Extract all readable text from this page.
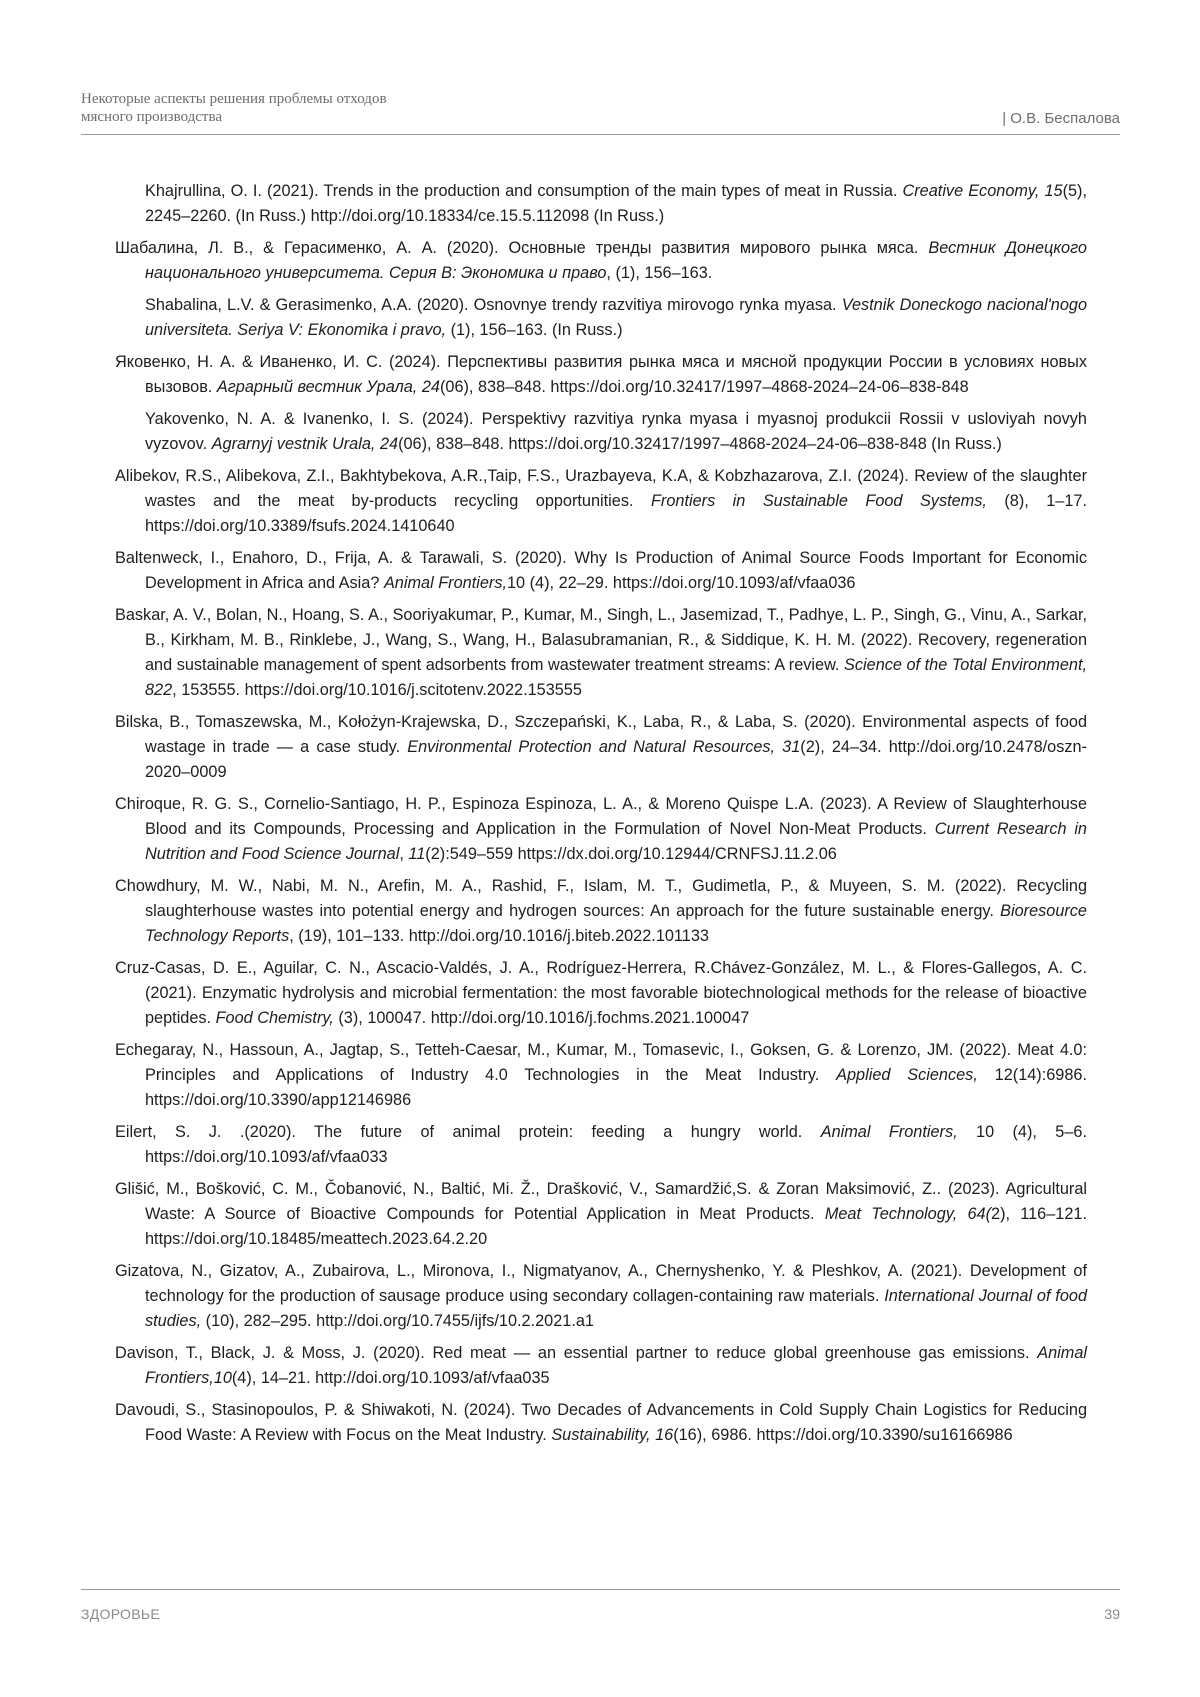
Некоторые аспекты решения проблемы отходов
мясного производства	| О.В. Беспалова
Khajrullina, O. I. (2021). Trends in the production and consumption of the main types of meat in Russia. Creative Economy, 15(5), 2245–2260. (In Russ.) http://doi.org/10.18334/ce.15.5.112098 (In Russ.)
Шабалина, Л. В., & Герасименко, А. А. (2020). Основные тренды развития мирового рынка мяса. Вестник Донецкого национального университета. Серия В: Экономика и право, (1), 156–163.
Shabalina, L.V. & Gerasimenko, A.A. (2020). Osnovnye trendy razvitiya mirovogo rynka myasa. Vestnik Doneckogo nacional'nogo universiteta. Seriya V: Ekonomika i pravo, (1), 156–163. (In Russ.)
Яковенко, Н. А. & Иваненко, И. С. (2024). Перспективы развития рынка мяса и мясной продукции России в условиях новых вызовов. Аграрный вестник Урала, 24(06), 838–848. https://doi.org/10.32417/1997–4868-2024–24-06–838-848
Yakovenko, N. A. & Ivanenko, I. S. (2024). Perspektivy razvitiya rynka myasa i myasnoj produkcii Rossii v usloviyah novyh vyzovov. Agrarnyj vestnik Urala, 24(06), 838–848. https://doi.org/10.32417/1997–4868-2024–24-06–838-848 (In Russ.)
Alibekov, R.S., Alibekova, Z.I., Bakhtybekova, A.R.,Taip, F.S., Urazbayeva, K.A, & Kobzhazarova, Z.I. (2024). Review of the slaughter wastes and the meat by-products recycling opportunities. Frontiers in Sustainable Food Systems, (8), 1–17. https://doi.org/10.3389/fsufs.2024.1410640
Baltenweck, I., Enahoro, D., Frija, A. & Tarawali, S. (2020). Why Is Production of Animal Source Foods Important for Economic Development in Africa and Asia? Animal Frontiers,10 (4), 22–29. https://doi.org/10.1093/af/vfaa036
Baskar, A. V., Bolan, N., Hoang, S. A., Sooriyakumar, P., Kumar, M., Singh, L., Jasemizad, T., Padhye, L. P., Singh, G., Vinu, A., Sarkar, B., Kirkham, M. B., Rinklebe, J., Wang, S., Wang, H., Balasubramanian, R., & Siddique, K. H. M. (2022). Recovery, regeneration and sustainable management of spent adsorbents from wastewater treatment streams: A review. Science of the Total Environment, 822, 153555. https://doi.org/10.1016/j.scitotenv.2022.153555
Bilska, B., Tomaszewska, M., Kołożyn-Krajewska, D., Szczepański, K., Laba, R., & Laba, S. (2020). Environmental aspects of food wastage in trade — a case study. Environmental Protection and Natural Resources, 31(2), 24–34. http://doi.org/10.2478/oszn-2020–0009
Chiroque, R. G. S., Cornelio-Santiago, H. P., Espinoza Espinoza, L. A., & Moreno Quispe L.A. (2023). A Review of Slaughterhouse Blood and its Compounds, Processing and Application in the Formulation of Novel Non-Meat Products. Current Research in Nutrition and Food Science Journal, 11(2):549–559 https://dx.doi.org/10.12944/CRNFSJ.11.2.06
Chowdhury, M. W., Nabi, M. N., Arefin, M. A., Rashid, F., Islam, M. T., Gudimetla, P., & Muyeen, S. M. (2022). Recycling slaughterhouse wastes into potential energy and hydrogen sources: An approach for the future sustainable energy. Bioresource Technology Reports, (19), 101–133. http://doi.org/10.1016/j.biteb.2022.101133
Cruz-Casas, D. E., Aguilar, C. N., Ascacio-Valdés, J. A., Rodríguez-Herrera, R.Chávez-González, M. L., & Flores-Gallegos, A. C. (2021). Enzymatic hydrolysis and microbial fermentation: the most favorable biotechnological methods for the release of bioactive peptides. Food Chemistry, (3), 100047. http://doi.org/10.1016/j.fochms.2021.100047
Echegaray, N., Hassoun, A., Jagtap, S., Tetteh-Caesar, M., Kumar, M., Tomasevic, I., Goksen, G. & Lorenzo, JM. (2022). Meat 4.0: Principles and Applications of Industry 4.0 Technologies in the Meat Industry. Applied Sciences, 12(14):6986. https://doi.org/10.3390/app12146986
Eilert, S. J. .(2020). The future of animal protein: feeding a hungry world. Animal Frontiers, 10 (4), 5–6. https://doi.org/10.1093/af/vfaa033
Glišić, M., Bošković, C. M., Čobanović, N., Baltić, Mi. Ž., Drašković, V., Samardžić,S. & Zoran Maksimović, Z.. (2023). Agricultural Waste: A Source of Bioactive Compounds for Potential Application in Meat Products. Meat Technology, 64(2), 116–121. https://doi.org/10.18485/meattech.2023.64.2.20
Gizatova, N., Gizatov, A., Zubairova, L., Mironova, I., Nigmatyanov, A., Chernyshenko, Y. & Pleshkov, A. (2021). Development of technology for the production of sausage produce using secondary collagen-containing raw materials. International Journal of food studies, (10), 282–295. http://doi.org/10.7455/ijfs/10.2.2021.a1
Davison, T., Black, J. & Moss, J. (2020). Red meat — an essential partner to reduce global greenhouse gas emissions. Animal Frontiers,10(4), 14–21. http://doi.org/10.1093/af/vfaa035
Davoudi, S., Stasinopoulos, P. & Shiwakoti, N. (2024). Two Decades of Advancements in Cold Supply Chain Logistics for Reducing Food Waste: A Review with Focus on the Meat Industry. Sustainability, 16(16), 6986. https://doi.org/10.3390/su16166986
ЗДОРОВЬЕ	39
